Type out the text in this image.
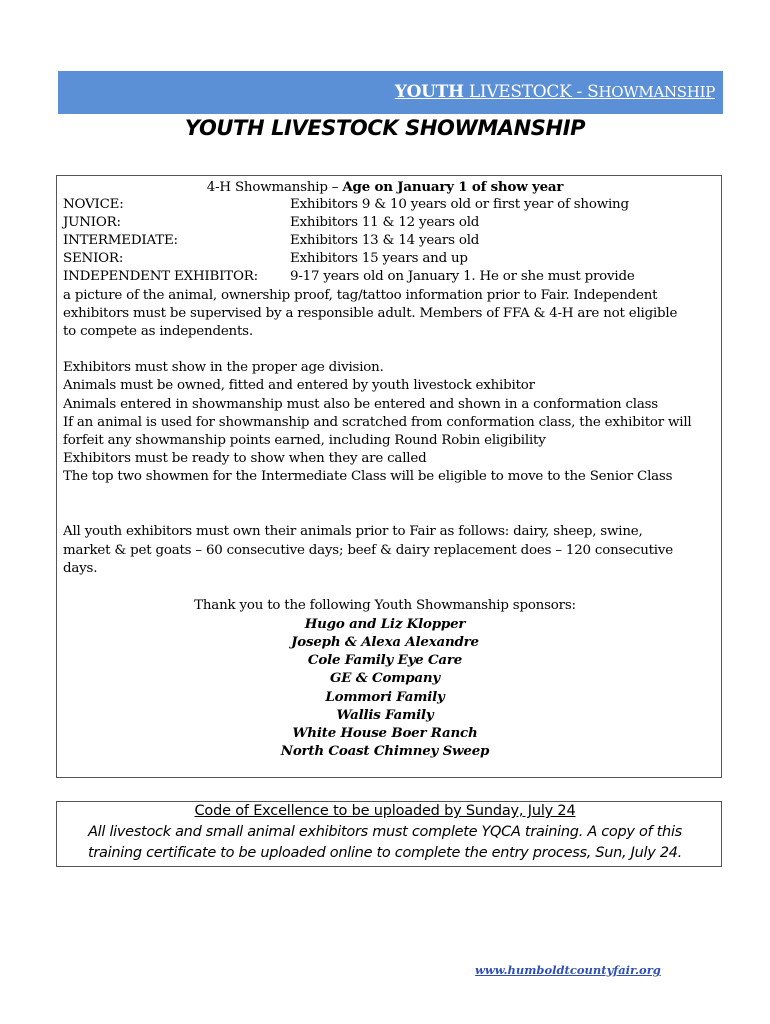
YOUTH LIVESTOCK - SHOWMANSHIP
YOUTH LIVESTOCK SHOWMANSHIP
4-H Showmanship – Age on January 1 of show year
NOVICE:	Exhibitors 9 & 10 years old or first year of showing
JUNIOR:	Exhibitors 11 & 12 years old
INTERMEDIATE:	Exhibitors 13 & 14 years old
SENIOR:	Exhibitors 15 years and up
INDEPENDENT EXHIBITOR: 9-17 years old on January 1. He or she must provide
a picture of the animal, ownership proof, tag/tattoo information prior to Fair. Independent
exhibitors must be supervised by a responsible adult. Members of FFA & 4-H are not eligible
to compete as independents.
Exhibitors must show in the proper age division.
Animals must be owned, fitted and entered by youth livestock exhibitor
Animals entered in showmanship must also be entered and shown in a conformation class
If an animal is used for showmanship and scratched from conformation class, the exhibitor will
forfeit any showmanship points earned, including Round Robin eligibility
Exhibitors must be ready to show when they are called
The top two showmen for the Intermediate Class will be eligible to move to the Senior Class
All youth exhibitors must own their animals prior to Fair as follows: dairy, sheep, swine,
market & pet goats – 60 consecutive days; beef & dairy replacement does – 120 consecutive
days.
Thank you to the following Youth Showmanship sponsors:
Hugo and Liz Klopper
Joseph & Alexa Alexandre
Cole Family Eye Care
GE & Company
Lommori Family
Wallis Family
White House Boer Ranch
North Coast Chimney Sweep
Code of Excellence to be uploaded by Sunday, July 24
All livestock and small animal exhibitors must complete YQCA training. A copy of this
training certificate to be uploaded online to complete the entry process, Sun, July 24.
www.humboldtcountyfair.org
